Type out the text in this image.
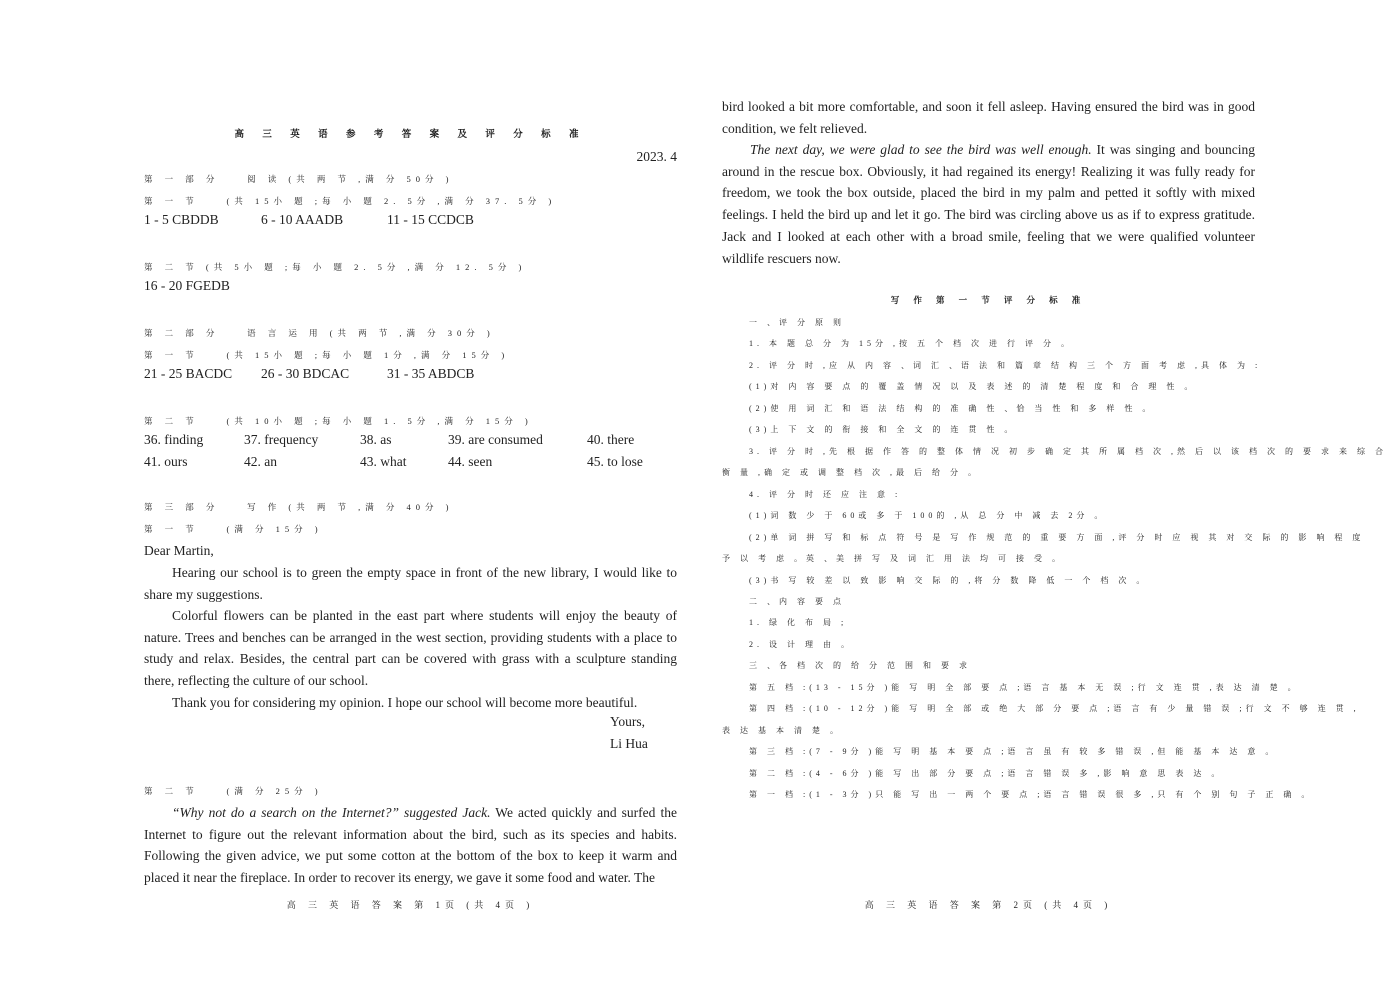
高 三 英 语 参 考 答 案 及 评 分 标 准
2023. 4
第 一 部 分 　 阅 读 (共 两 节 ,满 分 50分 )
第 一 节 　 (共 15小 题 ;每 小 题 2. 5分 ,满 分 37. 5分 )
1 - 5 CBDDB	6 - 10 AAADB	11 - 15 CCDCB
第 二 节 (共 5小 题 ;每 小 题 2. 5分 ,满 分 12. 5分 )
16 - 20 FGEDB
第 二 部 分 　 语 言 运 用 (共 两 节 ,满 分 30分 )
第 一 节 　 (共 15小 题 ;每 小 题 1分 ,满 分 15分 )
21 - 25 BACDC 26 - 30 BDCAC	31 - 35 ABDCB
第 二 节 　 (共 10小 题 ;每 小 题 1. 5分 ,满 分 15分 )
36. finding	37. frequency	38. as	39. are consumed	40. there
41. ours	42. an	43. what	44. seen	45. to lose
第 三 部 分 　 写 作 (共 两 节 ,满 分 40分 )
第 一 节 　 (满 分 15分 )
Dear Martin,
Hearing our school is to green the empty space in front of the new library, I would like to share my suggestions.
Colorful flowers can be planted in the east part where students will enjoy the beauty of nature. Trees and benches can be arranged in the west section, providing students with a place to study and relax. Besides, the central part can be covered with grass with a sculpture standing there, reflecting the culture of our school.
Thank you for considering my opinion. I hope our school will become more beautiful.
Yours,
Li Hua
第 二 节 　 (满 分 25分 )
“Why not do a search on the Internet?” suggested Jack. We acted quickly and surfed the Internet to figure out the relevant information about the bird, such as its species and habits. Following the given advice, we put some cotton at the bottom of the box to keep it warm and placed it near the fireplace. In order to recover its energy, we gave it some food and water. The
高 三 英 语 答 案 第 1页 (共 4页 )
bird looked a bit more comfortable, and soon it fell asleep. Having ensured the bird was in good condition, we felt relieved.
The next day, we were glad to see the bird was well enough. It was singing and bouncing around in the rescue box. Obviously, it had regained its energy! Realizing it was fully ready for freedom, we took the box outside, placed the bird in my palm and petted it softly with mixed feelings. I held the bird up and let it go. The bird was circling above us as if to express gratitude. Jack and I looked at each other with a broad smile, feeling that we were qualified volunteer wildlife rescuers now.
写 作 第 一 节 评 分 标 准
一 、评 分 原 则
1. 本 题 总 分 为 15分 ,按 五 个 档 次 进 行 评 分 。
2. 评 分 时 ,应 从 内 容 、词 汇 、语 法 和 篇 章 结 构 三 个 方 面 考 虑 ,具 体 为 :
(1)对 内 容 要 点 的 覆 盖 情 况 以 及 表 述 的 清 楚 程 度 和 合 理 性 。
(2)使 用 词 汇 和 语 法 结 构 的 准 确 性 、恰 当 性 和 多 样 性 。
(3)上 下 文 的 衔 接 和 全 文 的 连 贯 性 。
3. 评 分 时 ,先 根 据 作 答 的 整 体 情 况 初 步 确 定 其 所 属 档 次 ,然 后 以 该 档 次 的 要 求 来 综 合
衡 量 ,确 定 或 调 整 档 次 ,最 后 给 分 。
4. 评 分 时 还 应 注 意 :
(1)词 数 少 于 60或 多 于 100的 ,从 总 分 中 减 去 2分 。
(2)单 词 拼 写 和 标 点 符 号 是 写 作 规 范 的 重 要 方 面 ,评 分 时 应 视 其 对 交 际 的 影 响 程 度
予 以 考 虑 。英 、美 拼 写 及 词 汇 用 法 均 可 接 受 。
(3)书 写 较 差 以 致 影 响 交 际 的 ,将 分 数 降 低 一 个 档 次 。
二 、内 容 要 点
1. 绿 化 布 局 ;
2. 设 计 理 由 。
三 、各 档 次 的 给 分 范 围 和 要 求
第 五 档 :(13 - 15分 )能 写 明 全 部 要 点 ;语 言 基 本 无 误 ;行 文 连 贯 ,表 达 清 楚 。
第 四 档 :(10 - 12分 )能 写 明 全 部 或 绝 大 部 分 要 点 ;语 言 有 少 量 错 误 ;行 文 不 够 连 贯 ,
表 达 基 本 清 楚 。
第 三 档 :(7 - 9分 )能 写 明 基 本 要 点 ;语 言 虽 有 较 多 错 误 ,但 能 基 本 达 意 。
第 二 档 :(4 - 6分 )能 写 出 部 分 要 点 ;语 言 错 误 多 ,影 响 意 思 表 达 。
第 一 档 :(1 - 3分 )只 能 写 出 一 两 个 要 点 ;语 言 错 误 很 多 ,只 有 个 别 句 子 正 确 。
高 三 英 语 答 案 第 2页 (共 4页 )
